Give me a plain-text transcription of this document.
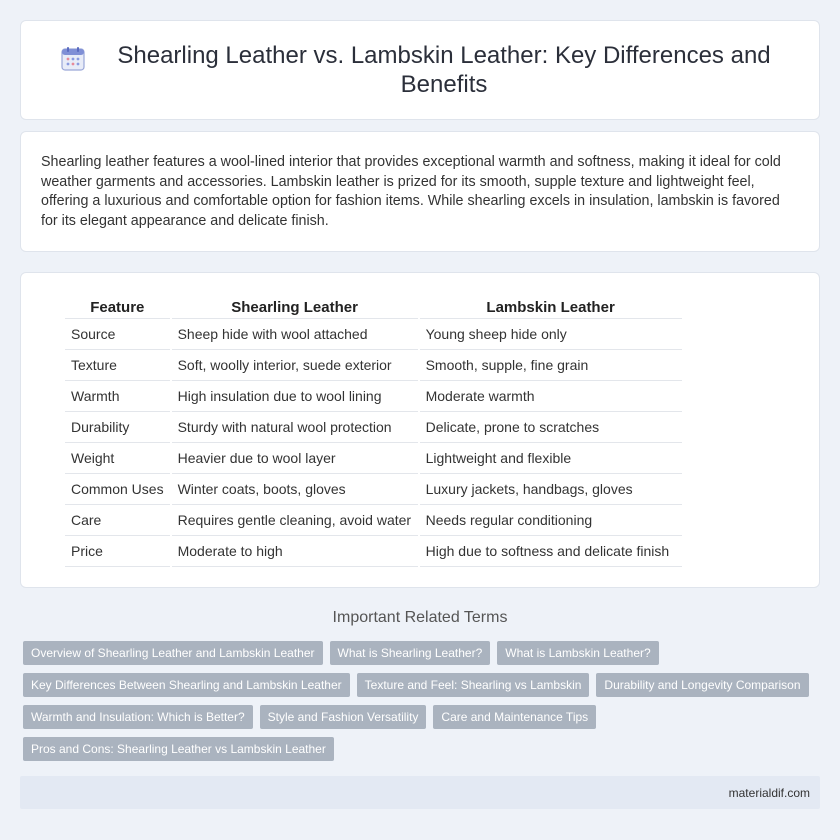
Shearling Leather vs. Lambskin Leather: Key Differences and Benefits

Shearling leather features a wool-lined interior that provides exceptional warmth and softness, making it ideal for cold weather garments and accessories. Lambskin leather is prized for its smooth, supple texture and lightweight feel, offering a luxurious and comfortable option for fashion items. While shearling excels in insulation, lambskin is favored for its elegant appearance and delicate finish.

Feature	Shearling Leather	Lambskin Leather
Source	Sheep hide with wool attached	Young sheep hide only
Texture	Soft, woolly interior, suede exterior	Smooth, supple, fine grain
Warmth	High insulation due to wool lining	Moderate warmth
Durability	Sturdy with natural wool protection	Delicate, prone to scratches
Weight	Heavier due to wool layer	Lightweight and flexible
Common Uses	Winter coats, boots, gloves	Luxury jackets, handbags, gloves
Care	Requires gentle cleaning, avoid water	Needs regular conditioning
Price	Moderate to high	High due to softness and delicate finish
Important Related Terms
Overview of Shearling Leather and Lambskin Leather	What is Shearling Leather?	What is Lambskin Leather?
Key Differences Between Shearling and Lambskin Leather	Texture and Feel: Shearling vs Lambskin	Durability and Longevity Comparison
Warmth and Insulation: Which is Better?	Style and Fashion Versatility	Care and Maintenance Tips
Pros and Cons: Shearling Leather vs Lambskin Leather
materialdif.com
